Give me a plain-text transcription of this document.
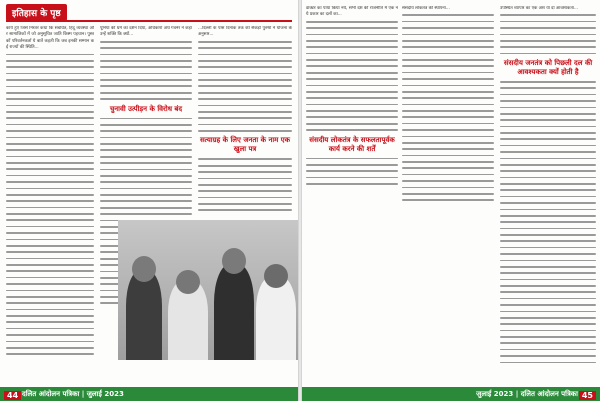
इतिहास के पृष्ठ

कार्य हुए जिसे निरंतर कथा कि संबंधित, हिंदू व्यवस्था और सामाजिकों में जो अनुसूचित जाति किस्म पहचान। पुस्तकों परिवर्तनकर्ता ये बातें कहती कि जब इनकी सम्मान कई राज्यों की स्थिति...

पूनिया की धर्म का दर्शन दिया, अधिकारों अर्थ गवर्नर ने कहा उन्हें शक्ति कि क्यों...

चुनावी उत्पीड़न के विरोध बंद

...दिल्ली के पास दिनांक तक की सैकड़ों पुरुषों ने योजना के अनुसार...

सत्याग्रह के लिए जनता के नाम एक खुला पत्र
44 दलित आंदोलन पत्रिका | जुलाई 2023

डॉक्टर का पाया किया नये, सभी देश की राजनीति में एक नये प्रकार का दलों का...

संसदीय लोकतंत्र के सफलतापूर्वक कार्य करने की शर्तें

संसदीय लोकतंत्र की स्थापना...	उपस्थित व्यापार का एक अंश या दो आवश्यकता...

संसदीय जनतंत्र को पिछली दल की आवश्यकता क्यों होती है
जुलाई 2023 | दलित आंदोलन पत्रिका 45
